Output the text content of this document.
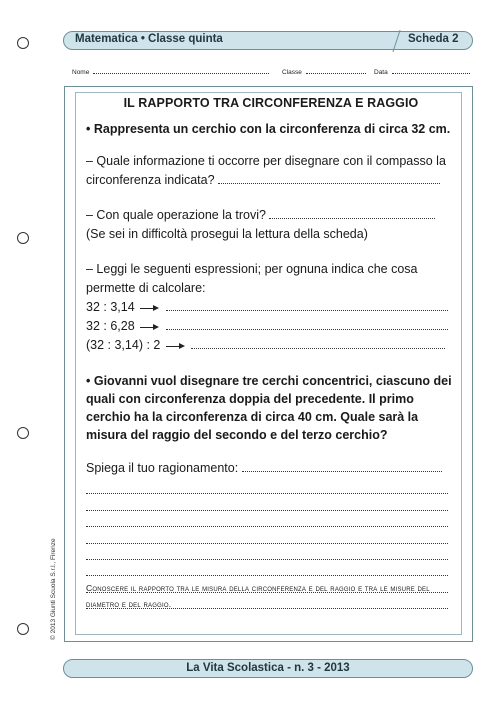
Matematica • Classe quinta	Scheda 2
Nome	Classe	Data
IL RAPPORTO TRA CIRCONFERENZA E RAGGIO
• Rappresenta un cerchio con la circonferenza di circa 32 cm.
– Quale informazione ti occorre per disegnare con il compasso la circonferenza indicata?
– Con quale operazione la trovi?
(Se sei in difficoltà prosegui la lettura della scheda)
– Leggi le seguenti espressioni; per ognuna indica che cosa permette di calcolare:
32 : 3,14
32 : 6,28
(32 : 3,14) : 2
• Giovanni vuol disegnare tre cerchi concentrici, ciascuno dei quali con circonferenza doppia del precedente. Il primo cerchio ha la circonferenza di circa 40 cm. Quale sarà la misura del raggio del secondo e del terzo cerchio?
Spiega il tuo ragionamento:
Conoscere il rapporto tra le misura della circonferenza e del raggio e tra le misure del diametro e del raggio.
© 2013 Giunti Scuola S.r.l., Firenze
La Vita Scolastica - n. 3 - 2013
